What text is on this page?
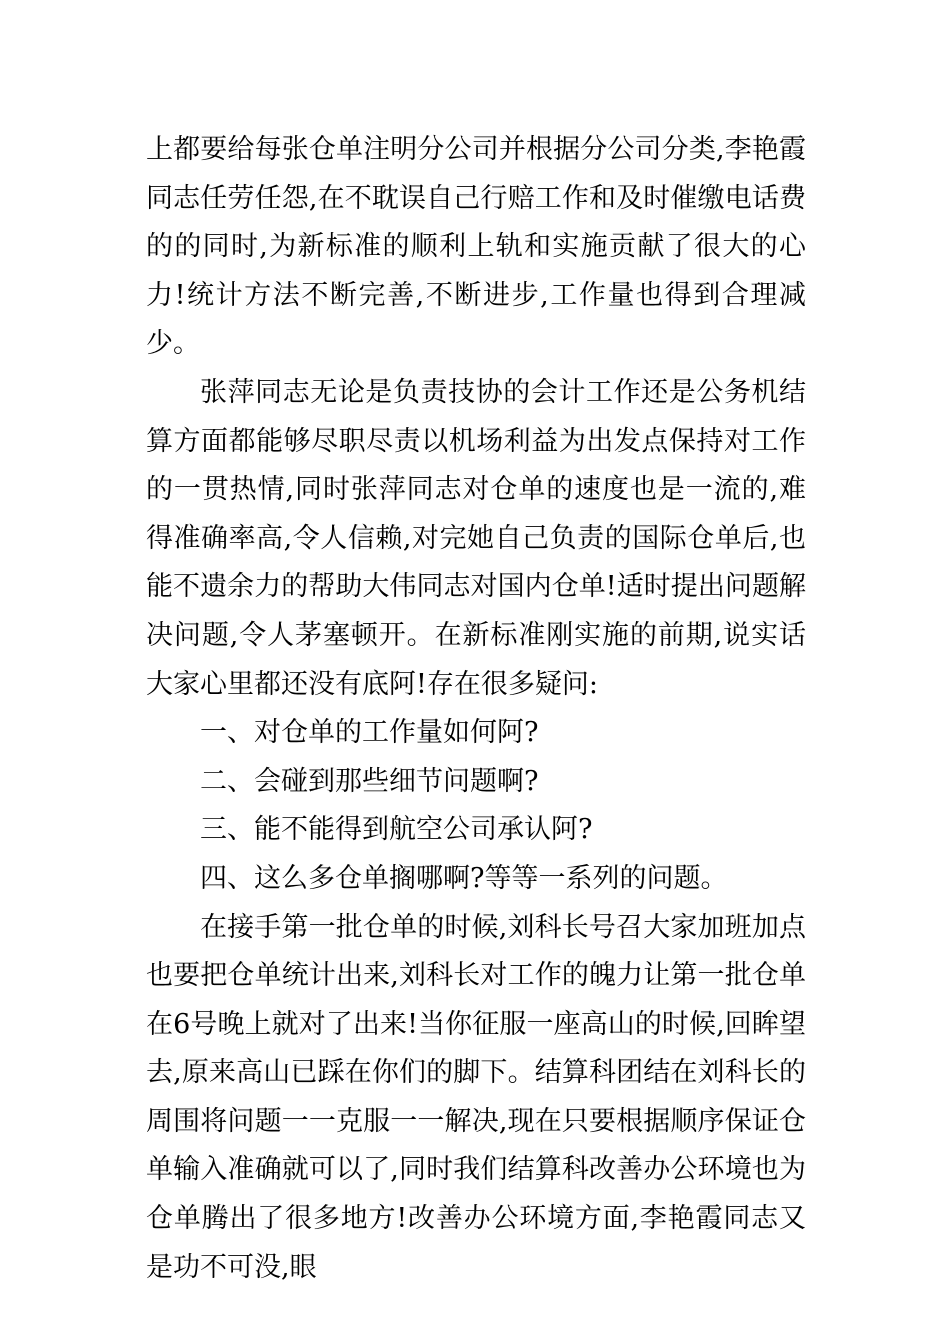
上都要给每张仓单注明分公司并根据分公司分类,李艳霞同志任劳任怨,在不耽误自己行赔工作和及时催缴电话费的的同时,为新标准的顺利上轨和实施贡献了很大的心力!统计方法不断完善,不断进步,工作量也得到合理减少。

张萍同志无论是负责技协的会计工作还是公务机结算方面都能够尽职尽责以机场利益为出发点保持对工作的一贯热情,同时张萍同志对仓单的速度也是一流的,难得准确率高,令人信赖,对完她自己负责的国际仓单后,也能不遗余力的帮助大伟同志对国内仓单!适时提出问题解决问题,令人茅塞顿开。在新标准刚实施的前期,说实话大家心里都还没有底阿!存在很多疑问:

一、对仓单的工作量如何阿?

二、会碰到那些细节问题啊?

三、能不能得到航空公司承认阿?

四、这么多仓单搁哪啊?等等一系列的问题。

在接手第一批仓单的时候,刘科长号召大家加班加点也要把仓单统计出来,刘科长对工作的魄力让第一批仓单在6号晚上就对了出来!当你征服一座高山的时候,回眸望去,原来高山已踩在你们的脚下。结算科团结在刘科长的周围将问题一一克服一一解决,现在只要根据顺序保证仓单输入准确就可以了,同时我们结算科改善办公环境也为仓单腾出了很多地方!改善办公环境方面,李艳霞同志又是功不可没,眼
